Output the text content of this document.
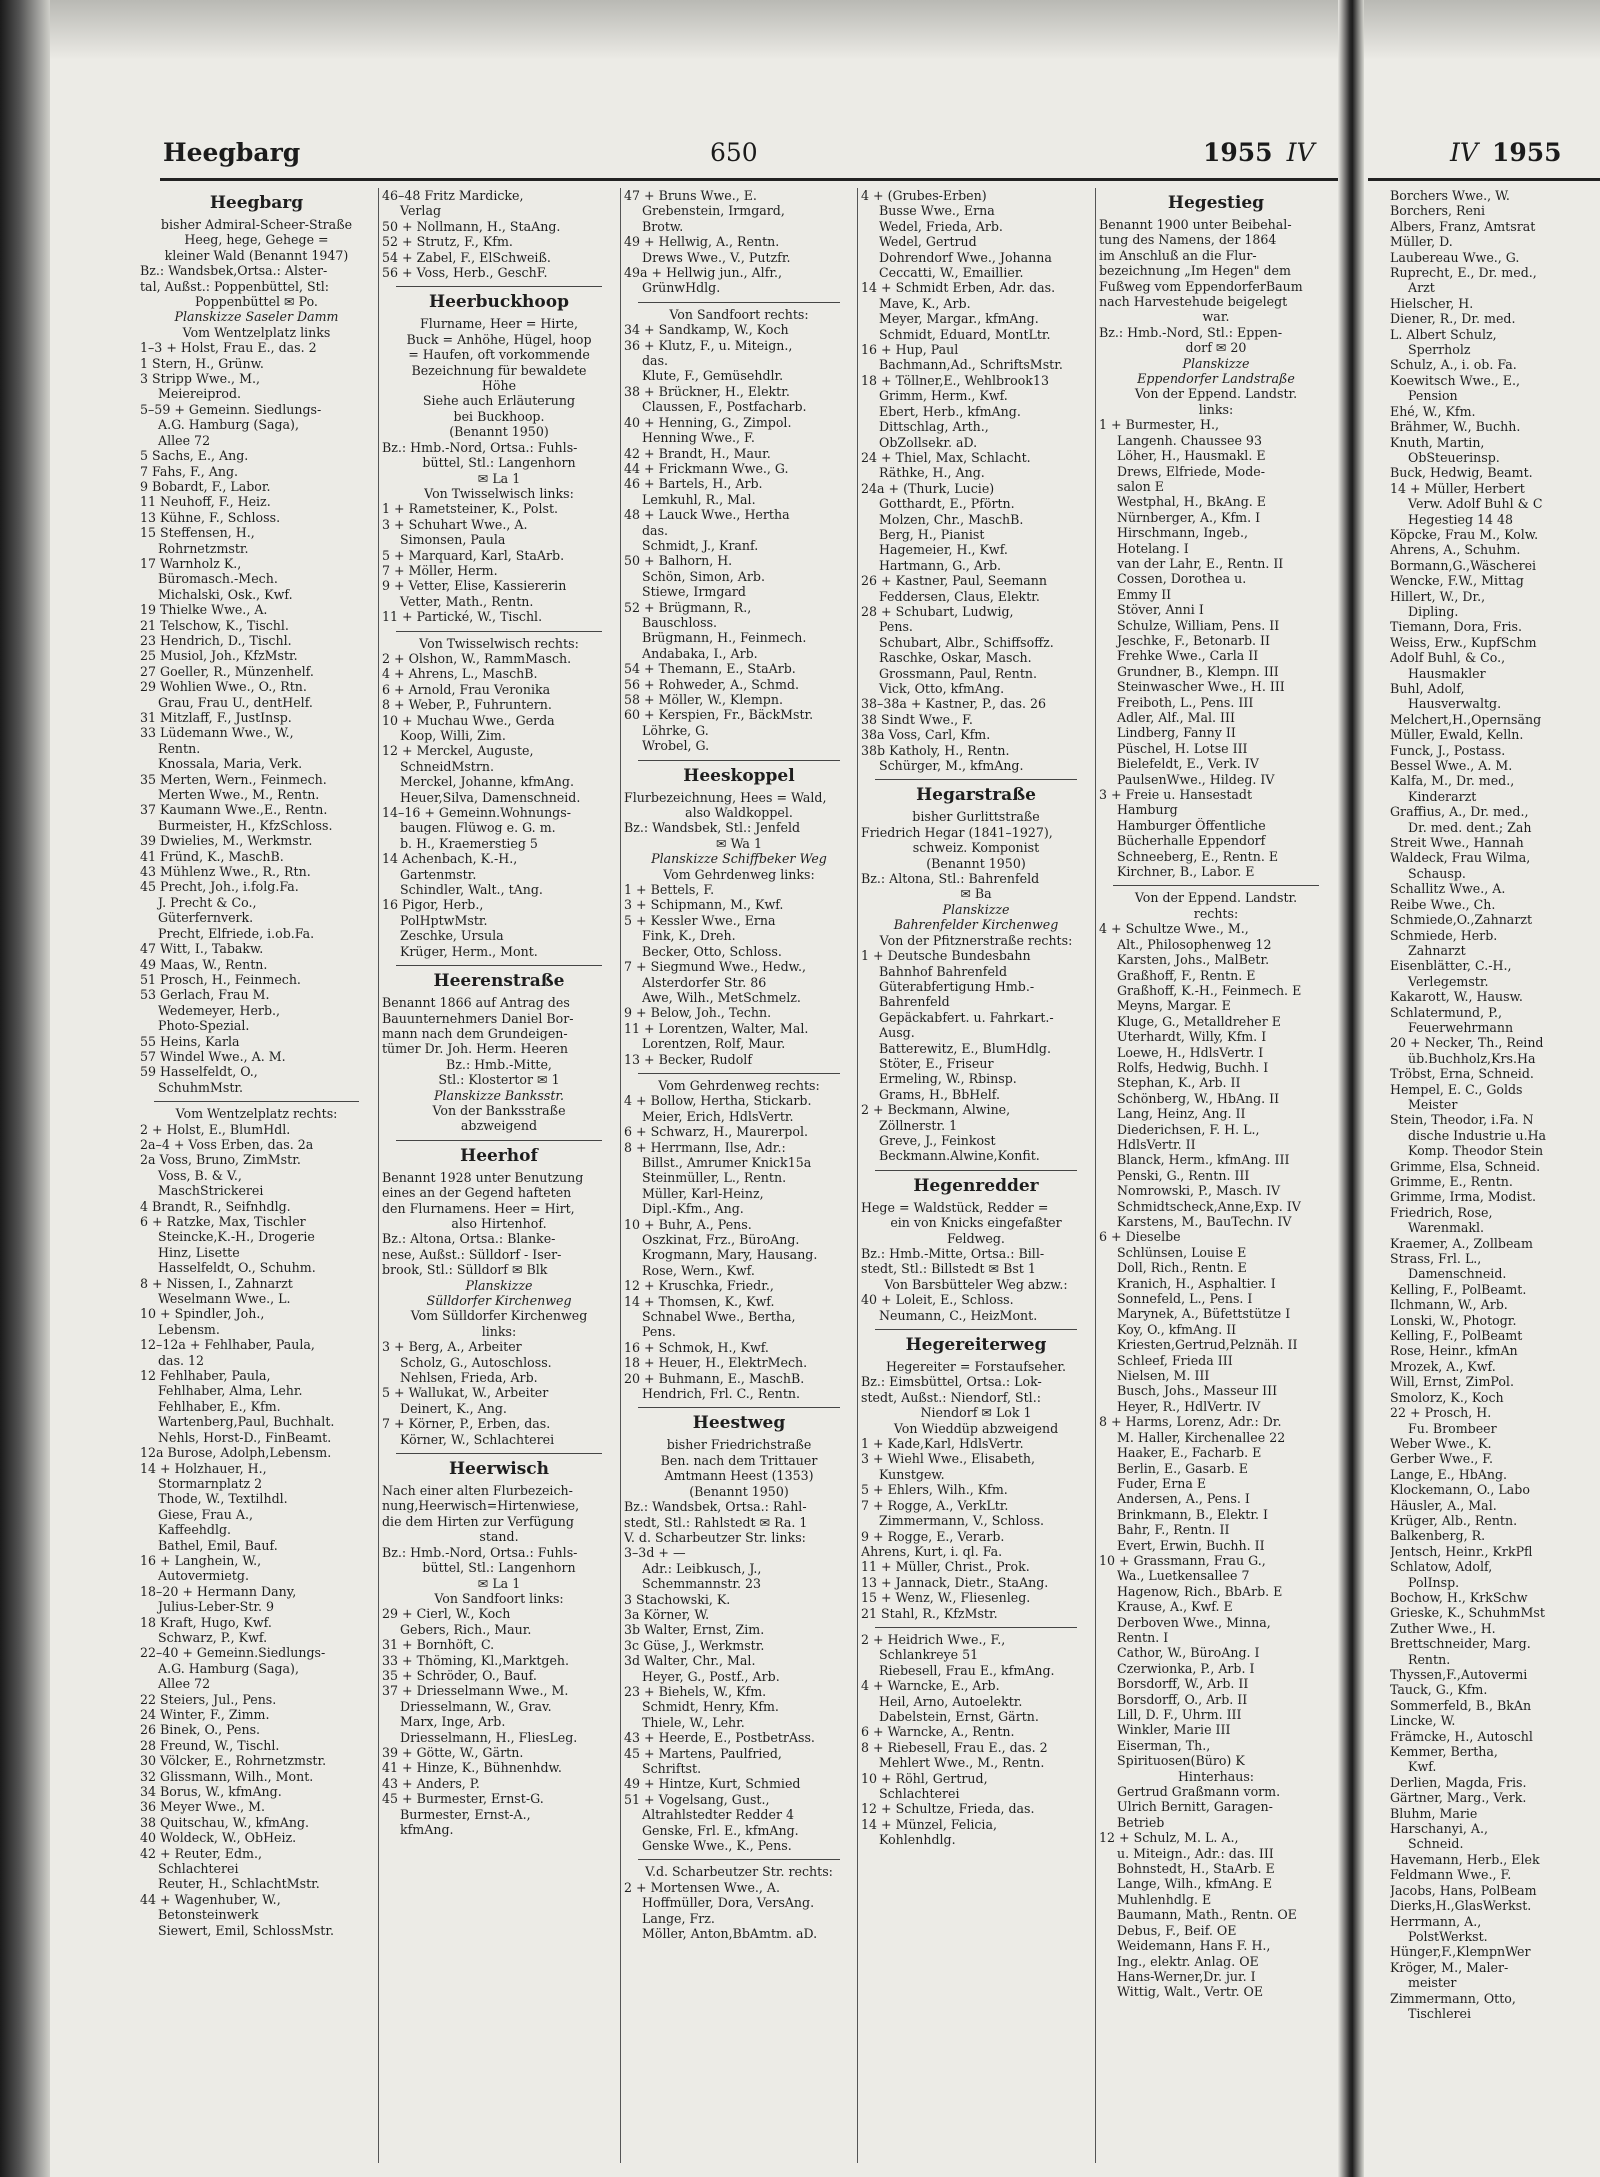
Heegbarg	650	1955 IV	IV 1955
Heegbarg
bisher Admiral-Scheer-Straße
Heeg, hege, Gehege =
kleiner Wald (Benannt 1947)
Bz.: Wandsbek,Ortsa.: Alster-
tal, Außst.: Poppenbüttel, Stl:
Poppenbüttel ✉ Po.
Planskizze Saseler Damm
Vom Wentzelplatz links
1–3 + Holst, Frau E., das. 2
1 Stern, H., Grünw.
3 Stripp Wwe., M.,
Meiereiprod.
5–59 + Gemeinn. Siedlungs-
A.G. Hamburg (Saga),
Allee 72
5 Sachs, E., Ang.
7 Fahs, F., Ang.
9 Bobardt, F., Labor.
11 Neuhoff, F., Heiz.
13 Kühne, F., Schloss.
15 Steffensen, H.,
Rohrnetzmstr.
17 Warnholz K.,
Büromasch.-Mech.
Michalski, Osk., Kwf.
19 Thielke Wwe., A.
21 Telschow, K., Tischl.
23 Hendrich, D., Tischl.
25 Musiol, Joh., KfzMstr.
27 Goeller, R., Münzenhelf.
29 Wohlien Wwe., O., Rtn.
Grau, Frau U., dentHelf.
31 Mitzlaff, F., JustInsp.
33 Lüdemann Wwe., W.,
Rentn.
Knossala, Maria, Verk.
35 Merten, Wern., Feinmech.
Merten Wwe., M., Rentn.
37 Kaumann Wwe.,E., Rentn.
Burmeister, H., KfzSchloss.
39 Dwielies, M., Werkmstr.
41 Fründ, K., MaschB.
43 Mühlenz Wwe., R., Rtn.
45 Precht, Joh., i.folg.Fa.
J. Precht & Co.,
Güterfernverk.
Precht, Elfriede, i.ob.Fa.
47 Witt, I., Tabakw.
49 Maas, W., Rentn.
51 Prosch, H., Feinmech.
53 Gerlach, Frau M.
Wedemeyer, Herb.,
Photo-Spezial.
55 Heins, Karla
57 Windel Wwe., A. M.
59 Hasselfeldt, O.,
SchuhmMstr.
Vom Wentzelplatz rechts:
2 + Holst, E., BlumHdl.
2a–4 + Voss Erben, das. 2a
2a Voss, Bruno, ZimMstr.
Voss, B. & V.,
MaschStrickerei
4 Brandt, R., Seifnhdlg.
6 + Ratzke, Max, Tischler
Steincke,K.-H., Drogerie
Hinz, Lisette
Hasselfeldt, O., Schuhm.
8 + Nissen, I., Zahnarzt
Weselmann Wwe., L.
10 + Spindler, Joh.,
Lebensm.
12–12a + Fehlhaber, Paula,
das. 12
12 Fehlhaber, Paula,
Fehlhaber, Alma, Lehr.
Fehlhaber, E., Kfm.
Wartenberg,Paul, Buchhalt.
Nehls, Horst-D., FinBeamt.
12a Burose, Adolph,Lebensm.
14 + Holzhauer, H.,
Stormarnplatz 2
Thode, W., Textilhdl.
Giese, Frau A.,
Kaffeehdlg.
Bathel, Emil, Bauf.
16 + Langhein, W.,
Autovermietg.
18–20 + Hermann Dany,
Julius-Leber-Str. 9
18 Kraft, Hugo, Kwf.
Schwarz, P., Kwf.
22–40 + Gemeinn.Siedlungs-
A.G. Hamburg (Saga),
Allee 72
22 Steiers, Jul., Pens.
24 Winter, F., Zimm.
26 Binek, O., Pens.
28 Freund, W., Tischl.
30 Völcker, E., Rohrnetzmstr.
32 Glissmann, Wilh., Mont.
34 Borus, W., kfmAng.
36 Meyer Wwe., M.
38 Quitschau, W., kfmAng.
40 Woldeck, W., ObHeiz.
42 + Reuter, Edm.,
Schlachterei
Reuter, H., SchlachtMstr.
44 + Wagenhuber, W.,
Betonsteinwerk
Siewert, Emil, SchlossMstr.
46–48 Fritz Mardicke,
Verlag
50 + Nollmann, H., StaAng.
52 + Strutz, F., Kfm.
54 + Zabel, F., ElSchweiß.
56 + Voss, Herb., GeschF.
Heerbuckhoop
Flurname, Heer = Hirte,
Buck = Anhöhe, Hügel, hoop
= Haufen, oft vorkommende
Bezeichnung für bewaldete
Höhe
Siehe auch Erläuterung
bei Buckhoop.
(Benannt 1950)
Bz.: Hmb.-Nord, Ortsa.: Fuhls-
büttel, Stl.: Langenhorn
✉ La 1
Von Twisselwisch links:
1 + Rametsteiner, K., Polst.
3 + Schuhart Wwe., A.
Simonsen, Paula
5 + Marquard, Karl, StaArb.
7 + Möller, Herm.
9 + Vetter, Elise, Kassiererin
Vetter, Math., Rentn.
11 + Partické, W., Tischl.
Von Twisselwisch rechts:
2 + Olshon, W., RammMasch.
4 + Ahrens, L., MaschB.
6 + Arnold, Frau Veronika
8 + Weber, P., Fuhruntern.
10 + Muchau Wwe., Gerda
Koop, Willi, Zim.
12 + Merckel, Auguste,
SchneidMstrn.
Merckel, Johanne, kfmAng.
Heuer,Silva, Damenschneid.
14–16 + Gemeinn.Wohnungs-
baugen. Flüwog e. G. m.
b. H., Kraemerstieg 5
14 Achenbach, K.-H.,
Gartenmstr.
Schindler, Walt., tAng.
16 Pigor, Herb.,
PolHptwMstr.
Zeschke, Ursula
Krüger, Herm., Mont.
Heerenstraße
Benannt 1866 auf Antrag des
Bauunternehmers Daniel Bor-
mann nach dem Grundeigen-
tümer Dr. Joh. Herm. Heeren
Bz.: Hmb.-Mitte,
Stl.: Klostertor ✉ 1
Planskizze Banksstr.
Von der Banksstraße
abzweigend
Heerhof
Benannt 1928 unter Benutzung
eines an der Gegend hafteten
den Flurnamens. Heer = Hirt,
also Hirtenhof.
Bz.: Altona, Ortsa.: Blanke-
nese, Außst.: Sülldorf - Iser-
brook, Stl.: Sülldorf ✉ Blk
Planskizze
Sülldorfer Kirchenweg
Vom Sülldorfer Kirchenweg
links:
3 + Berg, A., Arbeiter
Scholz, G., Autoschloss.
Nehlsen, Frieda, Arb.
5 + Wallukat, W., Arbeiter
Deinert, K., Ang.
7 + Körner, P., Erben, das.
Körner, W., Schlachterei
Heerwisch
Nach einer alten Flurbezeich-
nung,Heerwisch=Hirtenwiese,
die dem Hirten zur Verfügung
stand.
Bz.: Hmb.-Nord, Ortsa.: Fuhls-
büttel, Stl.: Langenhorn
✉ La 1
Von Sandfoort links:
29 + Cierl, W., Koch
Gebers, Rich., Maur.
31 + Bornhöft, C.
33 + Thöming, Kl.,Marktgeh.
35 + Schröder, O., Bauf.
37 + Driesselmann Wwe., M.
Driesselmann, W., Grav.
Marx, Inge, Arb.
Driesselmann, H., FliesLeg.
39 + Götte, W., Gärtn.
41 + Hinze, K., Bühnenhdw.
43 + Anders, P.
45 + Burmester, Ernst-G.
Burmester, Ernst-A.,
kfmAng.
47 + Bruns Wwe., E.
Grebenstein, Irmgard,
Brotw.
49 + Hellwig, A., Rentn.
Drews Wwe., V., Putzfr.
49a + Hellwig jun., Alfr.,
GrünwHdlg.
Von Sandfoort rechts:
34 + Sandkamp, W., Koch
36 + Klutz, F., u. Miteign.,
das.
Klute, F., Gemüsehdlr.
38 + Brückner, H., Elektr.
Claussen, F., Postfacharb.
40 + Henning, G., Zimpol.
Henning Wwe., F.
42 + Brandt, H., Maur.
44 + Frickmann Wwe., G.
46 + Bartels, H., Arb.
Lemkuhl, R., Mal.
48 + Lauck Wwe., Hertha
das.
Schmidt, J., Kranf.
50 + Balhorn, H.
Schön, Simon, Arb.
Stiewe, Irmgard
52 + Brügmann, R.,
Bauschloss.
Brügmann, H., Feinmech.
Andabaka, I., Arb.
54 + Themann, E., StaArb.
56 + Rohweder, A., Schmd.
58 + Möller, W., Klempn.
60 + Kerspien, Fr., BäckMstr.
Löhrke, G.
Wrobel, G.
Heeskoppel
Flurbezeichnung, Hees = Wald,
also Waldkoppel.
Bz.: Wandsbek, Stl.: Jenfeld
✉ Wa 1
Planskizze Schiffbeker Weg
Vom Gehrdenweg links:
1 + Bettels, F.
3 + Schipmann, M., Kwf.
5 + Kessler Wwe., Erna
Fink, K., Dreh.
Becker, Otto, Schloss.
7 + Siegmund Wwe., Hedw.,
Alsterdorfer Str. 86
Awe, Wilh., MetSchmelz.
9 + Below, Joh., Techn.
11 + Lorentzen, Walter, Mal.
Lorentzen, Rolf, Maur.
13 + Becker, Rudolf
Vom Gehrdenweg rechts:
4 + Bollow, Hertha, Stickarb.
Meier, Erich, HdlsVertr.
6 + Schwarz, H., Maurerpol.
8 + Herrmann, Ilse, Adr.:
Billst., Amrumer Knick15a
Steinmüller, L., Rentn.
Müller, Karl-Heinz,
Dipl.-Kfm., Ang.
10 + Buhr, A., Pens.
Oszkinat, Frz., BüroAng.
Krogmann, Mary, Hausang.
Rose, Wern., Kwf.
12 + Kruschka, Friedr.,
14 + Thomsen, K., Kwf.
Schnabel Wwe., Bertha,
Pens.
16 + Schmok, H., Kwf.
18 + Heuer, H., ElektrMech.
20 + Buhmann, E., MaschB.
Hendrich, Frl. C., Rentn.
Heestweg
bisher Friedrichstraße
Ben. nach dem Trittauer
Amtmann Heest (1353)
(Benannt 1950)
Bz.: Wandsbek, Ortsa.: Rahl-
stedt, Stl.: Rahlstedt ✉ Ra. 1
V. d. Scharbeutzer Str. links:
3–3d + —
Adr.: Leibkusch, J.,
Schemmannstr. 23
3 Stachowski, K.
3a Körner, W.
3b Walter, Ernst, Zim.
3c Güse, J., Werkmstr.
3d Walter, Chr., Mal.
Heyer, G., Postf., Arb.
23 + Biehels, W., Kfm.
Schmidt, Henry, Kfm.
Thiele, W., Lehr.
43 + Heerde, E., PostbetrAss.
45 + Martens, Paulfried,
Schriftst.
49 + Hintze, Kurt, Schmied
51 + Vogelsang, Gust.,
Altrahlstedter Redder 4
Genske, Frl. E., kfmAng.
Genske Wwe., K., Pens.
V.d. Scharbeutzer Str. rechts:
2 + Mortensen Wwe., A.
Hoffmüller, Dora, VersAng.
Lange, Frz.
Möller, Anton,BbAmtm. aD.
4 + (Grubes-Erben)
Busse Wwe., Erna
Wedel, Frieda, Arb.
Wedel, Gertrud
Dohrendorf Wwe., Johanna
Ceccatti, W., Emaillier.
14 + Schmidt Erben, Adr. das.
Mave, K., Arb.
Meyer, Margar., kfmAng.
Schmidt, Eduard, MontLtr.
16 + Hup, Paul
Bachmann,Ad., SchriftsMstr.
18 + Töllner,E., Wehlbrook13
Grimm, Herm., Kwf.
Ebert, Herb., kfmAng.
Dittschlag, Arth.,
ObZollsekr. aD.
24 + Thiel, Max, Schlacht.
Räthke, H., Ang.
24a + (Thurk, Lucie)
Gotthardt, E., Pförtn.
Molzen, Chr., MaschB.
Berg, H., Pianist
Hagemeier, H., Kwf.
Hartmann, G., Arb.
26 + Kastner, Paul, Seemann
Feddersen, Claus, Elektr.
28 + Schubart, Ludwig,
Pens.
Schubart, Albr., Schiffsoffz.
Raschke, Oskar, Masch.
Grossmann, Paul, Rentn.
Vick, Otto, kfmAng.
38–38a + Kastner, P., das. 26
38 Sindt Wwe., F.
38a Voss, Carl, Kfm.
38b Katholy, H., Rentn.
Schürger, M., kfmAng.
Hegarstraße
bisher Gurlittstraße
Friedrich Hegar (1841–1927),
schweiz. Komponist
(Benannt 1950)
Bz.: Altona, Stl.: Bahrenfeld
✉ Ba
Planskizze
Bahrenfelder Kirchenweg
Von der Pfitznerstraße rechts:
1 + Deutsche Bundesbahn
Bahnhof Bahrenfeld
Güterabfertigung Hmb.-
Bahrenfeld
Gepäckabfert. u. Fahrkart.-
Ausg.
Batterewitz, E., BlumHdlg.
Stöter, E., Friseur
Ermeling, W., Rbinsp.
Grams, H., BbHelf.
2 + Beckmann, Alwine,
Zöllnerstr. 1
Greve, J., Feinkost
Beckmann.Alwine,Konfit.
Hegenredder
Hege = Waldstück, Redder =
ein von Knicks eingefaßter
Feldweg.
Bz.: Hmb.-Mitte, Ortsa.: Bill-
stedt, Stl.: Billstedt ✉ Bst 1
Von Barsbütteler Weg abzw.:
40 + Loleit, E., Schloss.
Neumann, C., HeizMont.
Hegereiterweg
Hegereiter = Forstaufseher.
Bz.: Eimsbüttel, Ortsa.: Lok-
stedt, Außst.: Niendorf, Stl.:
Niendorf ✉ Lok 1
Von Wieddüp abzweigend
1 + Kade,Karl, HdlsVertr.
3 + Wiehl Wwe., Elisabeth,
Kunstgew.
5 + Ehlers, Wilh., Kfm.
7 + Rogge, A., VerkLtr.
Zimmermann, V., Schloss.
9 + Rogge, E., Verarb.
Ahrens, Kurt, i. ql. Fa.
11 + Müller, Christ., Prok.
13 + Jannack, Dietr., StaAng.
15 + Wenz, W., Fliesenleg.
21 Stahl, R., KfzMstr.
2 + Heidrich Wwe., F.,
Schlankreye 51
Riebesell, Frau E., kfmAng.
4 + Warncke, E., Arb.
Heil, Arno, Autoelektr.
Dabelstein, Ernst, Gärtn.
6 + Warncke, A., Rentn.
8 + Riebesell, Frau E., das. 2
Mehlert Wwe., M., Rentn.
10 + Röhl, Gertrud,
Schlachterei
12 + Schultze, Frieda, das.
14 + Münzel, Felicia,
Kohlenhdlg.
Hegestieg
Benannt 1900 unter Beibehal-
tung des Namens, der 1864
im Anschluß an die Flur-
bezeichnung „Im Hegen" dem
Fußweg vom EppendorferBaum
nach Harvestehude beigelegt
war.
Bz.: Hmb.-Nord, Stl.: Eppen-
dorf ✉ 20
Planskizze
Eppendorfer Landstraße
Von der Eppend. Landstr.
links:
1 + Burmester, H.,
Langenh. Chaussee 93
Löher, H., Hausmakl. E
Drews, Elfriede, Mode-
salon E
Westphal, H., BkAng. E
Nürnberger, A., Kfm. I
Hirschmann, Ingeb.,
Hotelang. I
van der Lahr, E., Rentn. II
Cossen, Dorothea u.
Emmy II
Stöver, Anni I
Schulze, William, Pens. II
Jeschke, F., Betonarb. II
Frehke Wwe., Carla II
Grundner, B., Klempn. III
Steinwascher Wwe., H. III
Freiboth, L., Pens. III
Adler, Alf., Mal. III
Lindberg, Fanny II
Püschel, H. Lotse III
Bielefeldt, E., Verk. IV
PaulsenWwe., Hildeg. IV
3 + Freie u. Hansestadt
Hamburg
Hamburger Öffentliche
Bücherhalle Eppendorf
Schneeberg, E., Rentn. E
Kirchner, B., Labor. E
Von der Eppend. Landstr.
rechts:
4 + Schultze Wwe., M.,
Alt., Philosophenweg 12
Karsten, Johs., MalBetr.
Graßhoff, F., Rentn. E
Graßhoff, K.-H., Feinmech. E
Meyns, Margar. E
Kluge, G., Metalldreher E
Uterhardt, Willy, Kfm. I
Loewe, H., HdlsVertr. I
Rolfs, Hedwig, Buchh. I
Stephan, K., Arb. II
Schönberg, W., HbAng. II
Lang, Heinz, Ang. II
Diederichsen, F. H. L.,
HdlsVertr. II
Blanck, Herm., kfmAng. III
Penski, G., Rentn. III
Nomrowski, P., Masch. IV
Schmidtscheck,Anne,Exp. IV
Karstens, M., BauTechn. IV
6 + Dieselbe
Schlünsen, Louise E
Doll, Rich., Rentn. E
Kranich, H., Asphaltier. I
Sonnefeld, L., Pens. I
Marynek, A., Büfettstütze I
Koy, O., kfmAng. II
Kriesten,Gertrud,Pelznäh. II
Schleef, Frieda III
Nielsen, M. III
Busch, Johs., Masseur III
Heyer, R., HdlVertr. IV
8 + Harms, Lorenz, Adr.: Dr.
M. Haller, Kirchenallee 22
Haaker, E., Facharb. E
Berlin, E., Gasarb. E
Fuder, Erna E
Andersen, A., Pens. I
Brinkmann, B., Elektr. I
Bahr, F., Rentn. II
Evert, Erwin, Buchh. II
10 + Grassmann, Frau G.,
Wa., Luetkensallee 7
Hagenow, Rich., BbArb. E
Krause, A., Kwf. E
Derboven Wwe., Minna,
Rentn. I
Cathor, W., BüroAng. I
Czerwionka, P., Arb. I
Borsdorff, W., Arb. II
Borsdorff, O., Arb. II
Lill, D. F., Uhrm. III
Winkler, Marie III
Eiserman, Th.,
Spirituosen(Büro) K
Hinterhaus:
Gertrud Graßmann vorm.
Ulrich Bernitt, Garagen-
Betrieb
12 + Schulz, M. L. A.,
u. Miteign., Adr.: das. III
Bohnstedt, H., StaArb. E
Lange, Wilh., kfmAng. E
Muhlenhdlg. E
Baumann, Math., Rentn. OE
Debus, F., Beif. OE
Weidemann, Hans F. H.,
Ing., elektr. Anlag. OE
Hans-Werner,Dr. jur. I
Wittig, Walt., Vertr. OE
Borchers Wwe., W.
Borchers, Reni
Albers, Franz, Amtsrat
Müller, D.
Laubereau Wwe., G.
Ruprecht, E., Dr. med.,
Arzt
Hielscher, H.
Diener, R., Dr. med.
L. Albert Schulz,
Sperrholz
Schulz, A., i. ob. Fa.
Koewitsch Wwe., E.,
Pension
Ehé, W., Kfm.
Brähmer, W., Buchh.
Knuth, Martin,
ObSteuerinsp.
Buck, Hedwig, Beamt.
14 + Müller, Herbert
Verw. Adolf Buhl & C
Hegestieg 14 48
Köpcke, Frau M., Kolw.
Ahrens, A., Schuhm.
Bormann,G.,Wäscherei
Wencke, F.W., Mittag
Hillert, W., Dr.,
Dipling.
Tiemann, Dora, Fris.
Weiss, Erw., KupfSchm
Adolf Buhl, & Co.,
Hausmakler
Buhl, Adolf,
Hausverwaltg.
Melchert,H.,Opernsäng
Müller, Ewald, Kelln.
Funck, J., Postass.
Bessel Wwe., A. M.
Kalfa, M., Dr. med.,
Kinderarzt
Graffius, A., Dr. med.,
Dr. med. dent.; Zah
Streit Wwe., Hannah
Waldeck, Frau Wilma,
Schausp.
Schallitz Wwe., A.
Reibe Wwe., Ch.
Schmiede,O.,Zahnarzt
Schmiede, Herb.
Zahnarzt
Eisenblätter, C.-H.,
Verlegemstr.
Kakarott, W., Hausw.
Schlatermund, P.,
Feuerwehrmann
20 + Necker, Th., Reind
üb.Buchholz,Krs.Ha
Tröbst, Erna, Schneid.
Hempel, E. C., Golds
Meister
Stein, Theodor, i.Fa. N
dische Industrie u.Ha
Komp. Theodor Stein
Grimme, Elsa, Schneid.
Grimme, E., Rentn.
Grimme, Irma, Modist.
Friedrich, Rose,
Warenmakl.
Kraemer, A., Zollbeam
Strass, Frl. L.,
Damenschneid.
Kelling, F., PolBeamt.
Ilchmann, W., Arb.
Lonski, W., Photogr.
Kelling, F., PolBeamt
Rose, Heinr., kfmAn
Mrozek, A., Kwf.
Will, Ernst, ZimPol.
Smolorz, K., Koch
22 + Prosch, H.
Fu. Brombeer
Weber Wwe., K.
Gerber Wwe., F.
Lange, E., HbAng.
Klockemann, O., Labo
Häusler, A., Mal.
Krüger, Alb., Rentn.
Balkenberg, R.
Jentsch, Heinr., KrkPfl
Schlatow, Adolf,
PolInsp.
Bochow, H., KrkSchw
Grieske, K., SchuhmMst
Zuther Wwe., H.
Brettschneider, Marg.
Rentn.
Thyssen,F.,Autovermi
Tauck, G., Kfm.
Sommerfeld, B., BkAn
Lincke, W.
Främcke, H., Autoschl
Kemmer, Bertha,
Kwf.
Derlien, Magda, Fris.
Gärtner, Marg., Verk.
Bluhm, Marie
Harschanyi, A.,
Schneid.
Havemann, Herb., Elek
Feldmann Wwe., F.
Jacobs, Hans, PolBeam
Dierks,H.,GlasWerkst.
Herrmann, A.,
PolstWerkst.
Hünger,F.,KlempnWer
Kröger, M., Maler-
meister
Zimmermann, Otto,
Tischlerei
